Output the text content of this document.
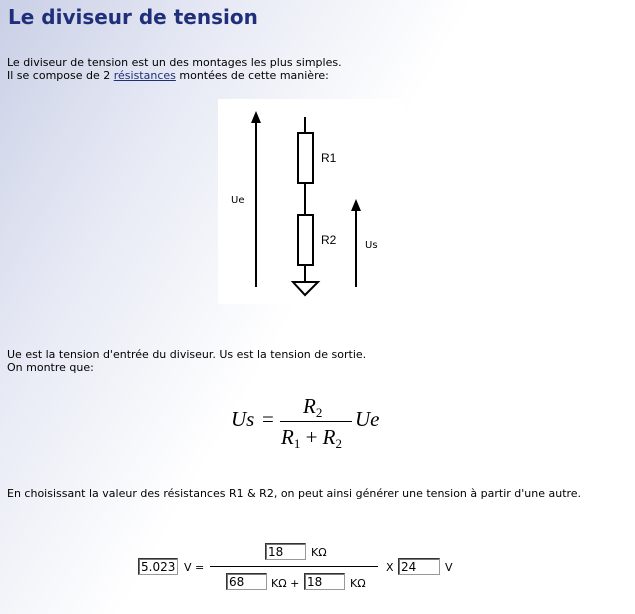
Le diviseur de tension
Le diviseur de tension est un des montages les plus simples.
Il se compose de 2 résistances montées de cette manière:
R1
R2
Ue
Us
Ue est la tension d'entrée du diviseur. Us est la tension de sortie.
On montre que:
Us =
$R_2$
$R_1 + R_2$
Ue
En choisissant la valeur des résistances R1 & R2, on peut ainsi générer une tension à partir d'une autre.
5.023 V =
18	KΩ
68	KΩ + 18	KΩ
X 24	V
